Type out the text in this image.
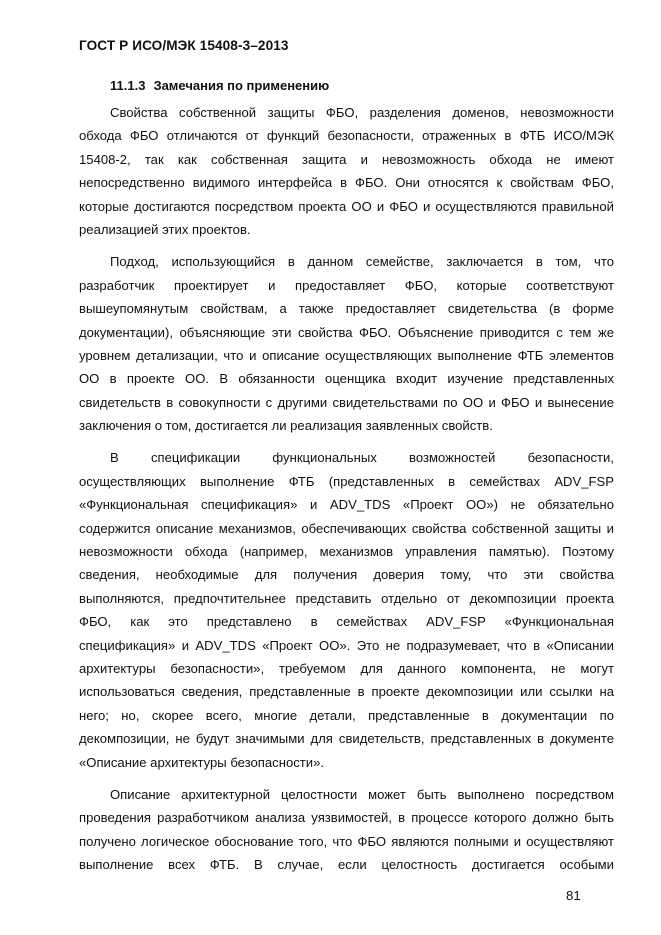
ГОСТ Р ИСО/МЭК 15408-3–2013
11.1.3 Замечания по применению
Свойства собственной защиты ФБО, разделения доменов, невозможности
обхода ФБО отличаются от функций безопасности, отраженных в ФТБ ИСО/МЭК
15408-2, так как собственная защита и невозможность обхода не имеют
непосредственно видимого интерфейса в ФБО. Они относятся к свойствам ФБО,
которые достигаются посредством проекта ОО и ФБО и осуществляются правильной
реализацией этих проектов.
Подход, использующийся в данном семействе, заключается в том, что
разработчик проектирует и предоставляет ФБО, которые соответствуют
вышеупомянутым свойствам, а также предоставляет свидетельства (в форме
документации), объясняющие эти свойства ФБО. Объяснение приводится с тем же
уровнем детализации, что и описание осуществляющих выполнение ФТБ элементов
ОО в проекте ОО. В обязанности оценщика входит изучение представленных
свидетельств в совокупности с другими свидетельствами по ОО и ФБО и вынесение
заключения о том, достигается ли реализация заявленных свойств.
В спецификации функциональных возможностей безопасности,
осуществляющих выполнение ФТБ (представленных в семействах ADV_FSP
«Функциональная спецификация» и ADV_TDS «Проект ОО») не обязательно
содержится описание механизмов, обеспечивающих свойства собственной защиты и
невозможности обхода (например, механизмов управления памятью). Поэтому
сведения, необходимые для получения доверия тому, что эти свойства
выполняются, предпочтительнее представить отдельно от декомпозиции проекта
ФБО, как это представлено в семействах ADV_FSP «Функциональная
спецификация» и ADV_TDS «Проект ОО». Это не подразумевает, что в «Описании
архитектуры безопасности», требуемом для данного компонента, не могут
использоваться сведения, представленные в проекте декомпозиции или ссылки на
него; но, скорее всего, многие детали, представленные в документации по
декомпозиции, не будут значимыми для свидетельств, представленных в документе
«Описание архитектуры безопасности».
Описание архитектурной целостности может быть выполнено посредством
проведения разработчиком анализа уязвимостей, в процессе которого должно быть
получено логическое обоснование того, что ФБО являются полными и осуществляют
выполнение всех ФТБ. В случае, если целостность достигается особыми
81
